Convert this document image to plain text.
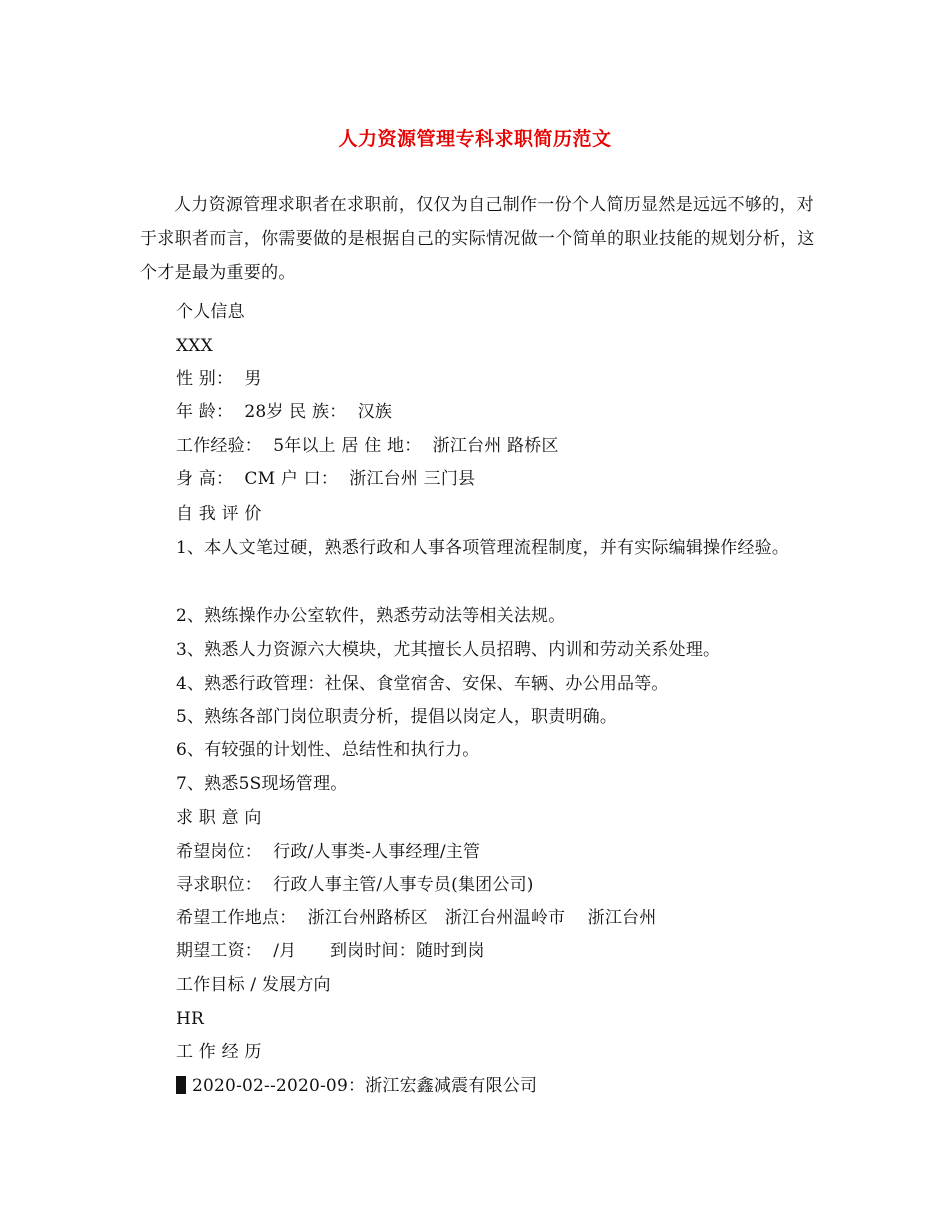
人力资源管理专科求职简历范文

人力资源管理求职者在求职前，仅仅为自己制作一份个人简历显然是远远不够的，对于求职者而言，你需要做的是根据自己的实际情况做一个简单的职业技能的规划分析，这个才是最为重要的。

个人信息
XXX
性 别：  男
年 龄：  28岁 民 族：  汉族
工作经验：  5年以上 居 住 地：  浙江台州 路桥区
身 高：  CM 户 口：  浙江台州 三门县
自 我 评 价
1、本人文笔过硬，熟悉行政和人事各项管理流程制度，并有实际编辑操作经验。
2、熟练操作办公室软件，熟悉劳动法等相关法规。
3、熟悉人力资源六大模块，尤其擅长人员招聘、内训和劳动关系处理。
4、熟悉行政管理：社保、食堂宿舍、安保、车辆、办公用品等。
5、熟练各部门岗位职责分析，提倡以岗定人，职责明确。
6、有较强的计划性、总结性和执行力。
7、熟悉5S现场管理。
求 职 意 向
希望岗位：  行政/人事类-人事经理/主管
寻求职位：  行政人事主管/人事专员(集团公司)
希望工作地点：  浙江台州路桥区   浙江台州温岭市    浙江台州
期望工资：  /月      到岗时间：随时到岗
工作目标 / 发展方向
HR
工 作 经 历
2020-02--2020-09：浙江宏鑫减震有限公司
